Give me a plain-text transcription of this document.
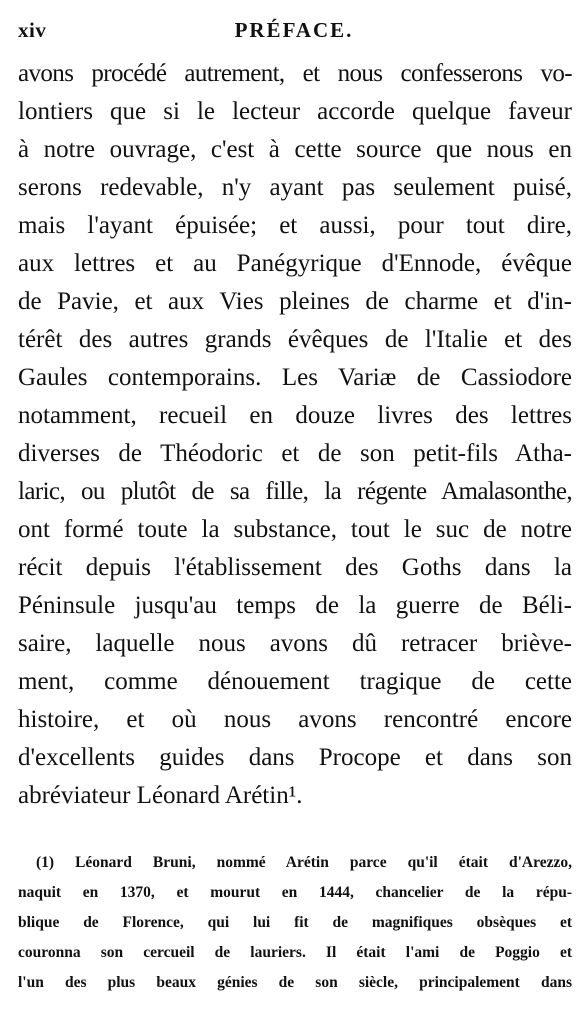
xiv	PRÉFACE.
avons procédé autrement, et nous confesserons vo-
lontiers que si le lecteur accorde quelque faveur
à notre ouvrage, c'est à cette source que nous en
serons redevable, n'y ayant pas seulement puisé,
mais l'ayant épuisée; et aussi, pour tout dire,
aux lettres et au Panégyrique d'Ennode, évêque
de Pavie, et aux Vies pleines de charme et d'in-
térêt des autres grands évêques de l'Italie et des
Gaules contemporains. Les Variæ de Cassiodore
notamment, recueil en douze livres des lettres
diverses de Théodoric et de son petit-fils Atha-
laric, ou plutôt de sa fille, la régente Amalasonthe,
ont formé toute la substance, tout le suc de notre
récit depuis l'établissement des Goths dans la
Péninsule jusqu'au temps de la guerre de Béli-
saire, laquelle nous avons dû retracer briève-
ment, comme dénouement tragique de cette
histoire, et où nous avons rencontré encore
d'excellents guides dans Procope et dans son
abréviateur Léonard Arétin¹.
(1) Léonard Bruni, nommé Arétin parce qu'il était d'Arezzo,
naquit en 1370, et mourut en 1444, chancelier de la répu-
blique de Florence, qui lui fit de magnifiques obsèques et
couronna son cercueil de lauriers. Il était l'ami de Poggio et
l'un des plus beaux génies de son siècle, principalement dans
